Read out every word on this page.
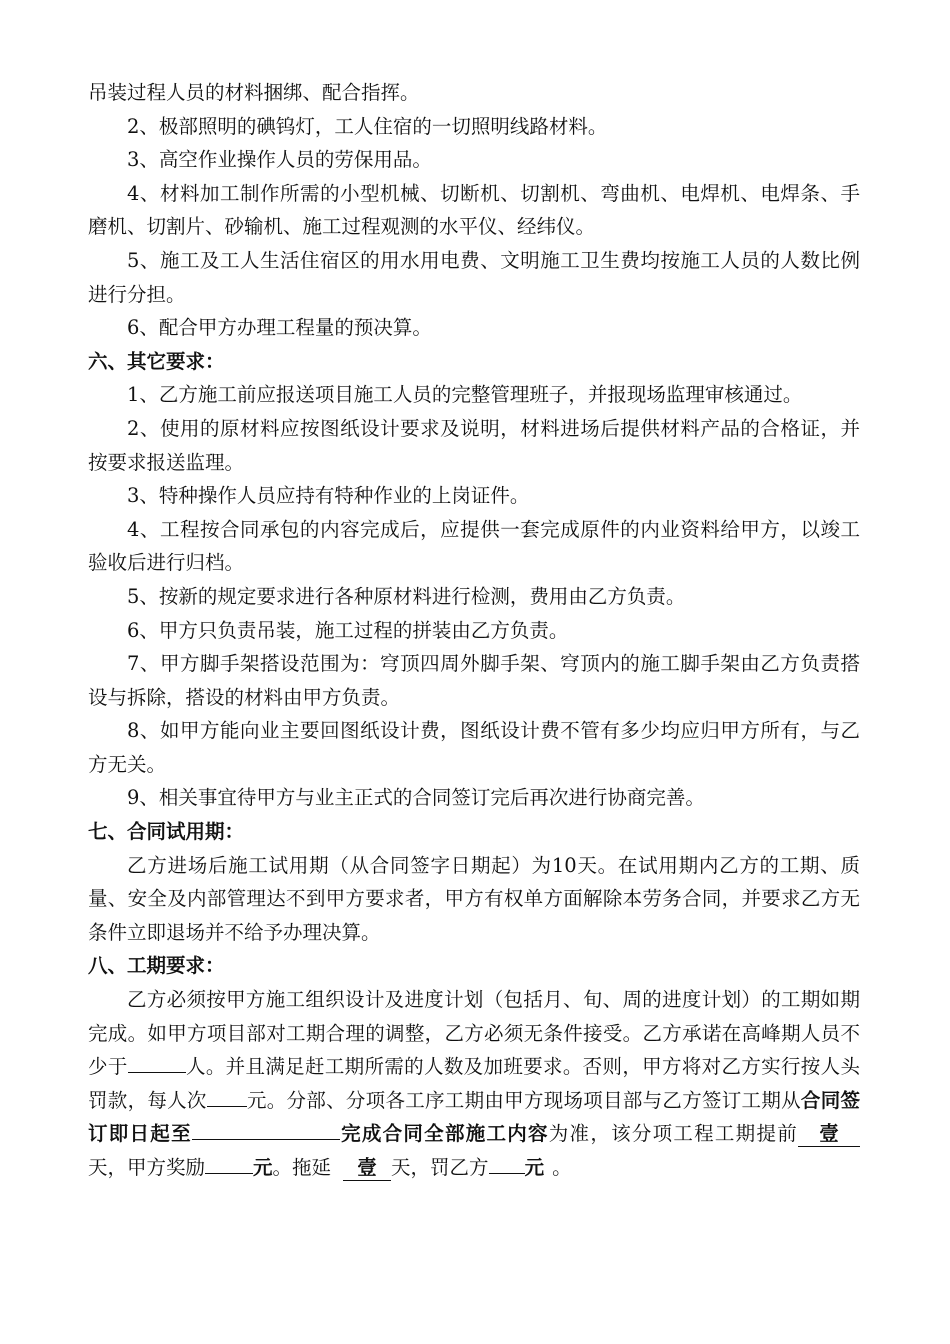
吊装过程人员的材料捆绑、配合指挥。

2、极部照明的碘钨灯，工人住宿的一切照明线路材料。

3、高空作业操作人员的劳保用品。

4、材料加工制作所需的小型机械、切断机、切割机、弯曲机、电焊机、电焊条、手磨机、切割片、砂输机、施工过程观测的水平仪、经纬仪。

5、施工及工人生活住宿区的用水用电费、文明施工卫生费均按施工人员的人数比例进行分担。

6、配合甲方办理工程量的预决算。

六、其它要求：

1、乙方施工前应报送项目施工人员的完整管理班子，并报现场监理审核通过。

2、使用的原材料应按图纸设计要求及说明，材料进场后提供材料产品的合格证，并按要求报送监理。

3、特种操作人员应持有特种作业的上岗证件。

4、工程按合同承包的内容完成后，应提供一套完成原件的内业资料给甲方，以竣工验收后进行归档。

5、按新的规定要求进行各种原材料进行检测，费用由乙方负责。

6、甲方只负责吊装，施工过程的拼装由乙方负责。

7、甲方脚手架搭设范围为：穹顶四周外脚手架、穹顶内的施工脚手架由乙方负责搭设与拆除，搭设的材料由甲方负责。

8、如甲方能向业主要回图纸设计费，图纸设计费不管有多少均应归甲方所有，与乙方无关。

9、相关事宜待甲方与业主正式的合同签订完后再次进行协商完善。

七、合同试用期：

乙方进场后施工试用期（从合同签字日期起）为10天。在试用期内乙方的工期、质量、安全及内部管理达不到甲方要求者，甲方有权单方面解除本劳务合同，并要求乙方无条件立即退场并不给予办理决算。

八、工期要求：

乙方必须按甲方施工组织设计及进度计划（包括月、旬、周的进度计划）的工期如期完成。如甲方项目部对工期合理的调整，乙方必须无条件接受。乙方承诺在高峰期人员不少于	人。并且满足赶工期所需的人数及加班要求。否则，甲方将对乙方实行按人头罚款，每人次 元。分部、分项各工序工期由甲方现场项目部与乙方签订工期从合同签订即日起至	完成合同全部施工内容为准，该分项工程工期提前 壹天，甲方奖励 元。拖延 壹 天，罚乙方 元 。
